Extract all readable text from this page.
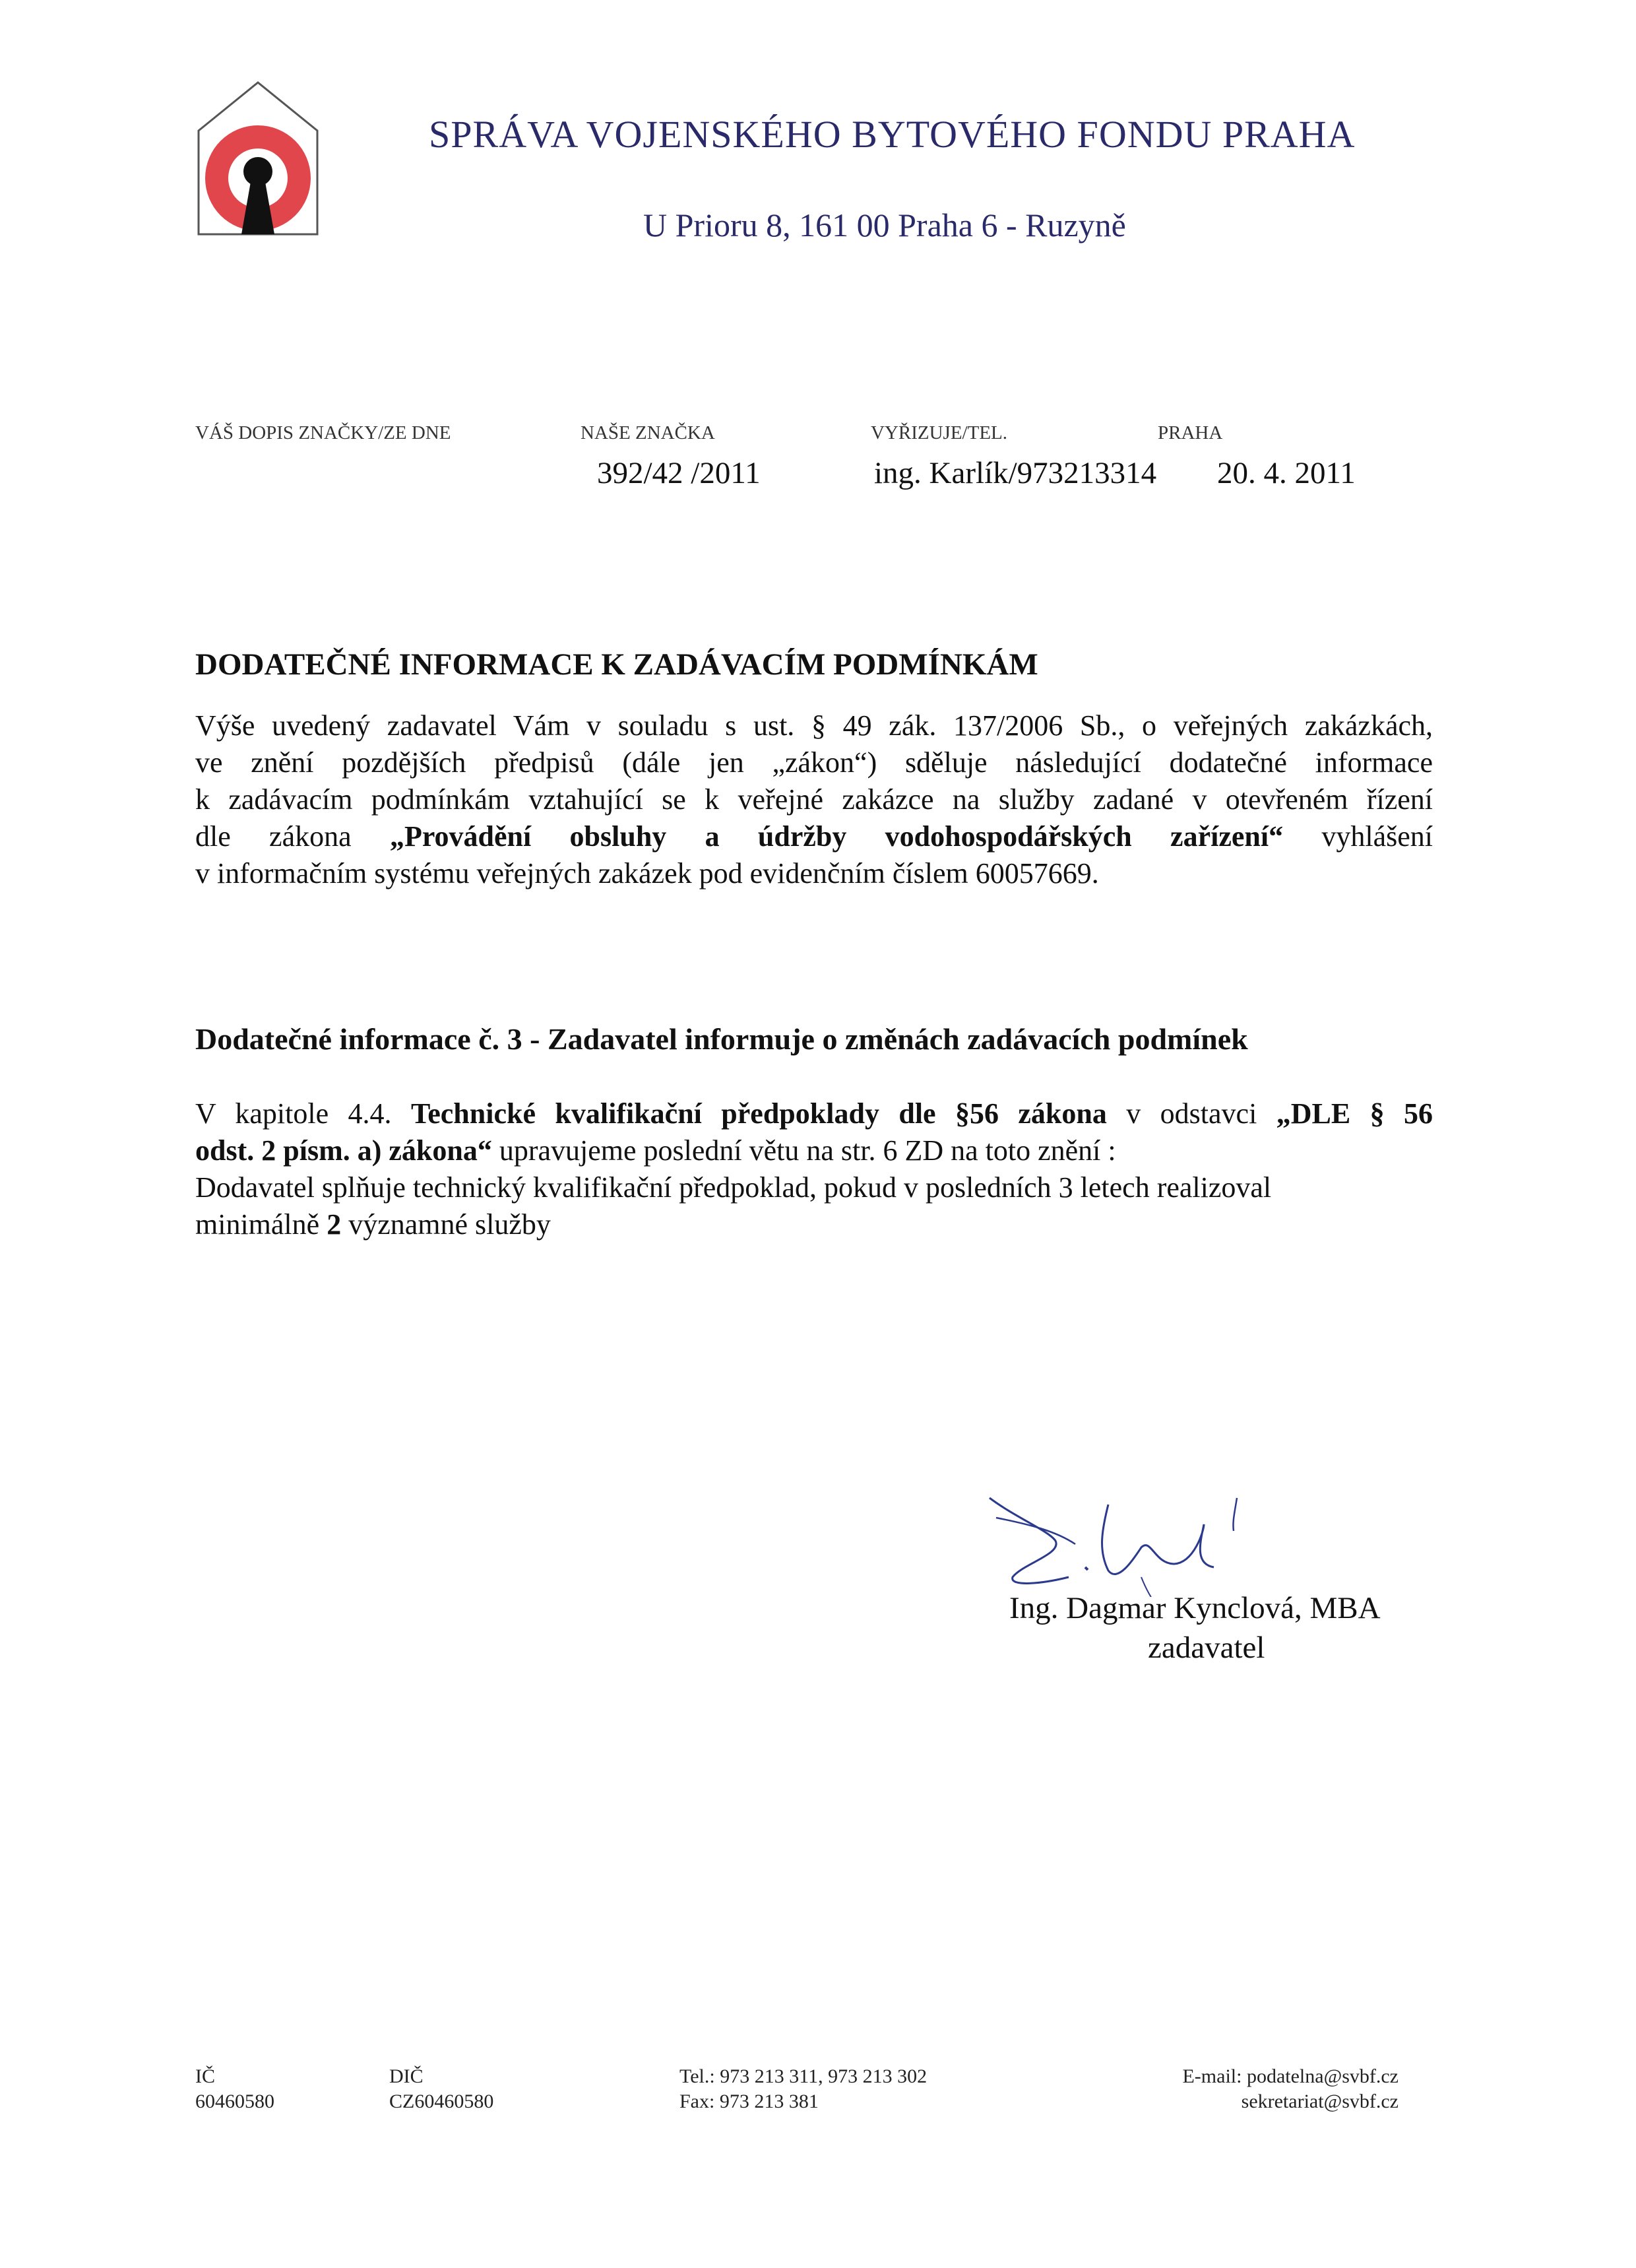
SPRÁVA VOJENSKÉHO BYTOVÉHO FONDU PRAHA
U Prioru 8, 161 00 Praha 6 - Ruzyně
VÁŠ DOPIS ZNAČKY/ZE DNE	NAŠE ZNAČKA
392/42 /2011
VYŘIZUJE/TEL.
ing. Karlík/973213314
PRAHA
20. 4. 2011
DODATEČNÉ INFORMACE K ZADÁVACÍM PODMÍNKÁM
Výše uvedený zadavatel Vám v souladu s ust. § 49 zák. 137/2006 Sb., o veřejných zakázkách,
ve znění pozdějších předpisů (dále jen „zákon“) sděluje následující dodatečné informace
k zadávacím podmínkám vztahující se k veřejné zakázce na služby zadané v otevřeném řízení
dle zákona „Provádění obsluhy a údržby vodohospodářských zařízení“ vyhlášení
v informačním systému veřejných zakázek pod evidenčním číslem 60057669.
Dodatečné informace č. 3 - Zadavatel informuje o změnách zadávacích podmínek
V kapitole 4.4. Technické kvalifikační předpoklady dle §56 zákona v odstavci „DLE § 56
odst. 2 písm. a) zákona“ upravujeme poslední větu na str. 6 ZD na toto znění :
Dodavatel splňuje technický kvalifikační předpoklad, pokud v posledních 3 letech realizoval
minimálně 2 významné služby
Ing. Dagmar Kynclová, MBA
zadavatel
IČ
60460580
DIČ
CZ60460580
Tel.: 973 213 311, 973 213 302
Fax: 973 213 381
E-mail: podatelna@svbf.cz
sekretariat@svbf.cz
